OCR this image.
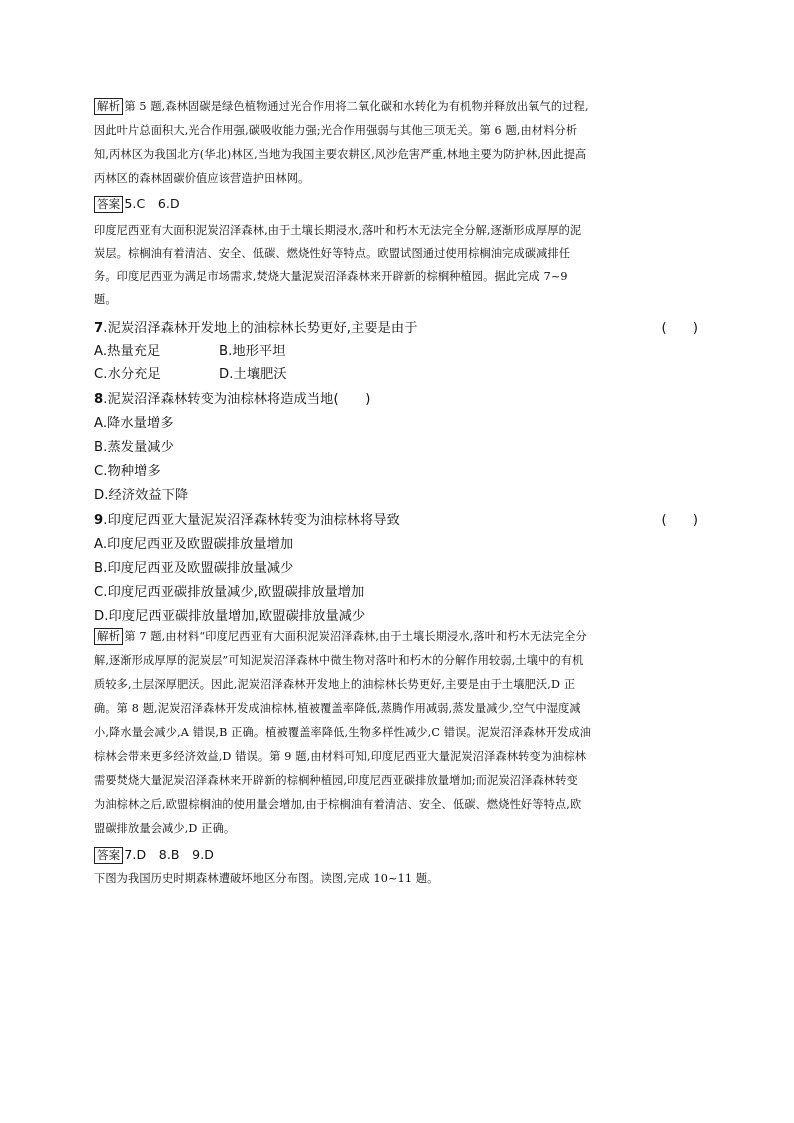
解析 第 5 题,森林固碳是绿色植物通过光合作用将二氧化碳和水转化为有机物并释放出氧气的过程,
因此叶片总面积大,光合作用强,碳吸收能力强;光合作用强弱与其他三项无关。第 6 题,由材料分析
知,丙林区为我国北方(华北)林区,当地为我国主要农耕区,风沙危害严重,林地主要为防护林,因此提高
丙林区的森林固碳价值应该营造护田林网。
答案 5.C　6.D
印度尼西亚有大面积泥炭沼泽森林,由于土壤长期浸水,落叶和朽木无法完全分解,逐渐形成厚厚的泥
炭层。棕榈油有着清洁、安全、低碳、燃烧性好等特点。欧盟试图通过使用棕榈油完成碳减排任
务。印度尼西亚为满足市场需求,焚烧大量泥炭沼泽森林来开辟新的棕榈种植园。据此完成 7~9
题。
7.泥炭沼泽森林开发地上的油棕林长势更好,主要是由于	(　　)
A.热量充足	B.地形平坦
C.水分充足	D.土壤肥沃
8.泥炭沼泽森林转变为油棕林将造成当地(　　)
A.降水量增多
B.蒸发量减少
C.物种增多
D.经济效益下降
9.印度尼西亚大量泥炭沼泽森林转变为油棕林将导致	(　　)
A.印度尼西亚及欧盟碳排放量增加
B.印度尼西亚及欧盟碳排放量减少
C.印度尼西亚碳排放量减少,欧盟碳排放量增加
D.印度尼西亚碳排放量增加,欧盟碳排放量减少
解析 第 7 题,由材料“印度尼西亚有大面积泥炭沼泽森林,由于土壤长期浸水,落叶和朽木无法完全分
解,逐渐形成厚厚的泥炭层”可知泥炭沼泽森林中微生物对落叶和朽木的分解作用较弱,土壤中的有机
质较多,土层深厚肥沃。因此,泥炭沼泽森林开发地上的油棕林长势更好,主要是由于土壤肥沃,D 正
确。第 8 题,泥炭沼泽森林开发成油棕林,植被覆盖率降低,蒸腾作用减弱,蒸发量减少,空气中湿度减
小,降水量会减少,A 错误,B 正确。植被覆盖率降低,生物多样性减少,C 错误。泥炭沼泽森林开发成油
棕林会带来更多经济效益,D 错误。第 9 题,由材料可知,印度尼西亚大量泥炭沼泽森林转变为油棕林
需要焚烧大量泥炭沼泽森林来开辟新的棕榈种植园,印度尼西亚碳排放量增加;而泥炭沼泽森林转变
为油棕林之后,欧盟棕榈油的使用量会增加,由于棕榈油有着清洁、安全、低碳、燃烧性好等特点,欧
盟碳排放量会减少,D 正确。
答案 7.D　8.B　9.D
下图为我国历史时期森林遭破坏地区分布图。读图,完成 10~11 题。
